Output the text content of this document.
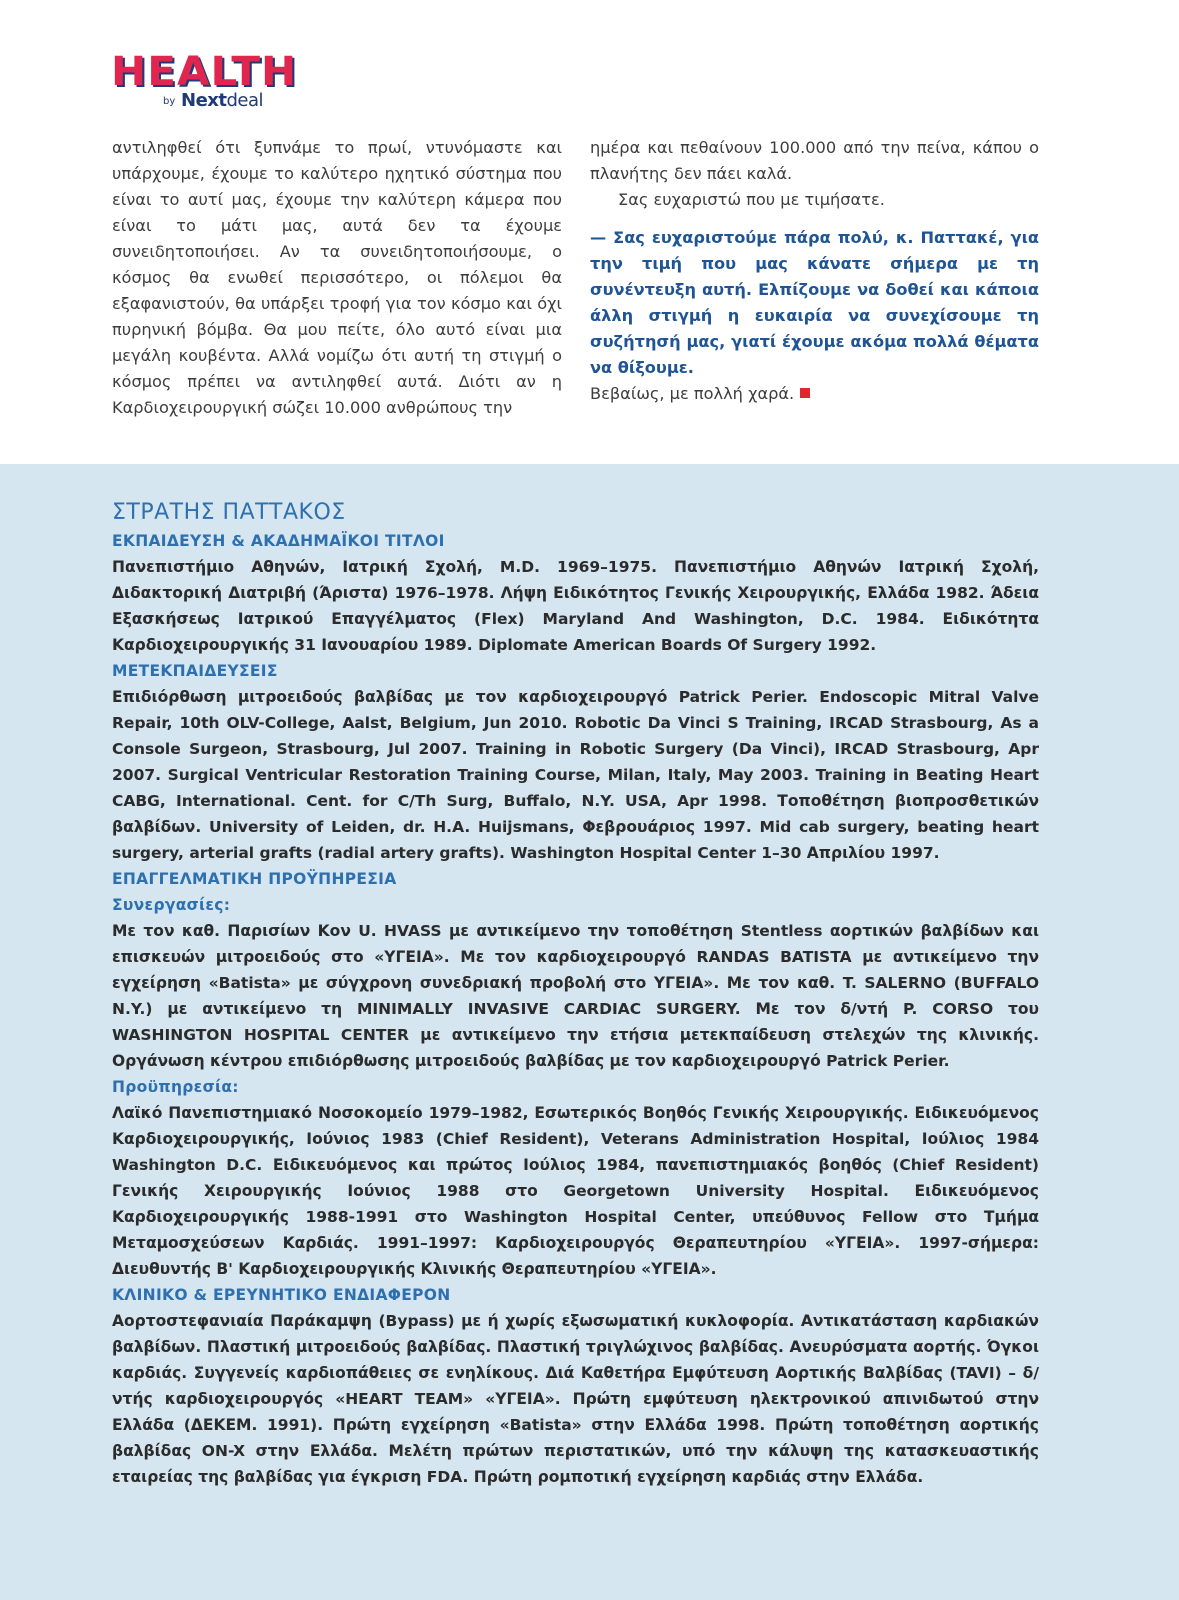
HEALTH
by Nextdeal

αντιληφθεί ότι ξυπνάμε το πρωί, ντυνόμαστε και υπάρχουμε, έχουμε το καλύτερο ηχητικό σύστημα που είναι το αυτί μας, έχουμε την καλύτερη κάμερα που είναι το μάτι μας, αυτά δεν τα έχουμε συνειδητοποιήσει. Αν τα συνειδητοποιήσουμε, ο κόσμος θα ενωθεί περισσότερο, οι πόλεμοι θα εξαφανιστούν, θα υπάρξει τροφή για τον κόσμο και όχι πυρηνική βόμβα. Θα μου πείτε, όλο αυτό είναι μια μεγάλη κουβέντα. Αλλά νομίζω ότι αυτή τη στιγμή ο κόσμος πρέπει να αντιληφθεί αυτά. Διότι αν η Καρδιοχειρουργική σώζει 10.000 ανθρώπους την

ημέρα και πεθαίνουν 100.000 από την πείνα, κάπου ο πλανήτης δεν πάει καλά.

Σας ευχαριστώ που με τιμήσατε.

— Σας ευχαριστούμε πάρα πολύ, κ. Παττακέ, για την τιμή που μας κάνατε σήμερα με τη συνέντευξη αυτή. Ελπίζουμε να δοθεί και κάποια άλλη στιγμή η ευκαιρία να συνεχίσουμε τη συζήτησή μας, γιατί έχουμε ακόμα πολλά θέματα να θίξουμε.

Βεβαίως, με πολλή χαρά.

ΣΤΡΑΤΗΣ ΠΑΤΤΑΚΟΣ

ΕΚΠΑΙΔΕΥΣΗ & ΑΚΑΔΗΜΑΪΚΟΙ ΤΙΤΛΟΙ

Πανεπιστήμιο Αθηνών, Ιατρική Σχολή, M.D. 1969–1975. Πανεπιστήμιο Αθηνών Ιατρική Σχολή, Διδακτορική Διατριβή (Άριστα) 1976–1978. Λήψη Ειδικότητος Γενικής Χειρουργικής, Ελλάδα 1982. Άδεια Εξασκήσεως Ιατρικού Επαγγέλματος (Flex) Maryland And Washington, D.C. 1984. Ειδικότητα Καρδιοχειρουργικής 31 Ιανουαρίου 1989. Diplomate American Boards Of Surgery 1992.

ΜΕΤΕΚΠΑΙΔΕΥΣΕΙΣ

Επιδιόρθωση μιτροειδούς βαλβίδας με τον καρδιοχειρουργό Patrick Perier. Endoscopic Mitral Valve Repair, 10th OLV-College, Aalst, Belgium, Jun 2010. Robotic Da Vinci S Training, IRCAD Strasbourg, As a Console Surgeon, Strasbourg, Jul 2007. Training in Robotic Surgery (Da Vinci), IRCAD Strasbourg, Apr 2007. Surgical Ventricular Restoration Training Course, Milan, Italy, May 2003. Training in Beating Heart CABG, International. Cent. for C/Th Surg, Buffalo, N.Y. USA, Apr 1998. Τοποθέτηση βιοπροσθετικών βαλβίδων. University of Leiden, dr. H.A. Huijsmans, Φεβρουάριος 1997. Mid cab surgery, beating heart surgery, arterial grafts (radial artery grafts). Washington Hospital Center 1–30 Απριλίου 1997.

ΕΠΑΓΓΕΛΜΑΤΙΚΗ ΠΡΟΫΠΗΡΕΣΙΑ

Συνεργασίες:

Με τον καθ. Παρισίων Κον U. HVASS με αντικείμενο την τοποθέτηση Stentless αορτικών βαλβίδων και επισκευών μιτροειδούς στο «ΥΓΕΙΑ». Με τον καρδιοχειρουργό RANDAS BATISTA με αντικείμενο την εγχείρηση «Batista» με σύγχρονη συνεδριακή προβολή στο ΥΓΕΙΑ». Με τον καθ. T. SALERNO (BUFFALO N.Y.) με αντικείμενο τη MINIMALLY INVASIVE CARDIAC SURGERY. Με τον δ/ντή P. CORSO του WASHINGTON HOSPITAL CENTER με αντικείμενο την ετήσια μετεκπαίδευση στελεχών της κλινικής. Οργάνωση κέντρου επιδιόρθωσης μιτροειδούς βαλβίδας με τον καρδιοχειρουργό Patrick Perier.

Προϋπηρεσία:

Λαϊκό Πανεπιστημιακό Νοσοκομείο 1979–1982, Εσωτερικός Βοηθός Γενικής Χειρουργικής. Ειδικευόμενος Καρδιοχειρουργικής, Ιούνιος 1983 (Chief Resident), Veterans Administration Hospital, Ιούλιος 1984 Washington D.C. Ειδικευόμενος και πρώτος Ιούλιος 1984, πανεπιστημιακός βοηθός (Chief Resident) Γενικής Χειρουργικής Ιούνιος 1988 στο Georgetown University Hospital. Ειδικευόμενος Καρδιοχειρουργικής 1988-1991 στο Washington Hospital Center, υπεύθυνος Fellow στο Τμήμα Μεταμοσχεύσεων Καρδιάς. 1991–1997: Καρδιοχειρουργός Θεραπευτηρίου «ΥΓΕΙΑ». 1997-σήμερα: Διευθυντής Β' Καρδιοχειρουργικής Κλινικής Θεραπευτηρίου «ΥΓΕΙΑ».

ΚΛΙΝΙΚΟ & ΕΡΕΥΝΗΤΙΚΟ ΕΝΔΙΑΦΕΡΟΝ

Αορτοστεφανιαία Παράκαμψη (Bypass) με ή χωρίς εξωσωματική κυκλοφορία. Αντικατάσταση καρδιακών βαλβίδων. Πλαστική μιτροειδούς βαλβίδας. Πλαστική τριγλώχινος βαλβίδας. Ανευρύσματα αορτής. Όγκοι καρδιάς. Συγγενείς καρδιοπάθειες σε ενηλίκους. Διά Καθετήρα Εμφύτευση Αορτικής Βαλβίδας (TAVI) – δ/ντής καρδιοχειρουργός «HEART TEAM» «ΥΓΕΙΑ». Πρώτη εμφύτευση ηλεκτρονικού απινιδωτού στην Ελλάδα (ΔΕΚΕΜ. 1991). Πρώτη εγχείρηση «Batista» στην Ελλάδα 1998. Πρώτη τοποθέτηση αορτικής βαλβίδας ON-X στην Ελλάδα. Μελέτη πρώτων περιστατικών, υπό την κάλυψη της κατασκευαστικής εταιρείας της βαλβίδας για έγκριση FDA. Πρώτη ρομποτική εγχείρηση καρδιάς στην Ελλάδα.
